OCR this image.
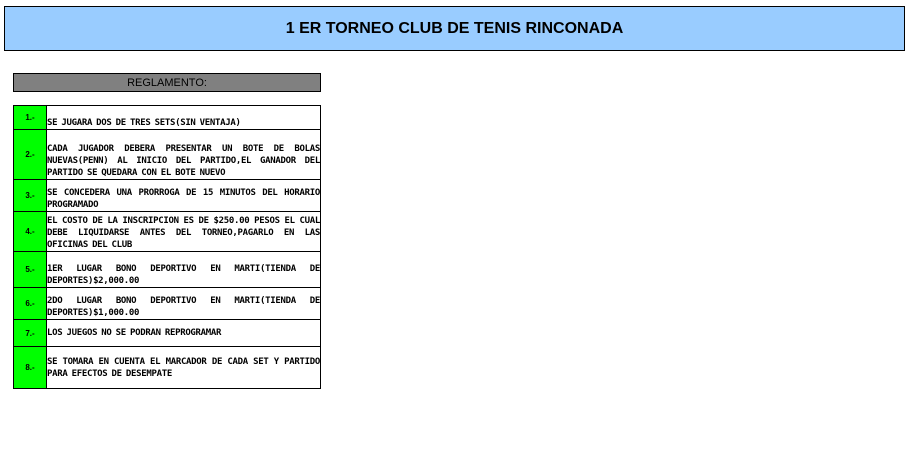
1 ER TORNEO CLUB DE TENIS RINCONADA
REGLAMENTO:
1.-	SE JUGARA DOS DE TRES SETS(SIN VENTAJA)
2.-	CADA JUGADOR DEBERA PRESENTAR UN BOTE DE BOLAS NUEVAS(PENN) AL INICIO DEL PARTIDO,EL GANADOR DEL PARTIDO SE QUEDARA CON EL BOTE NUEVO
3.-	SE CONCEDERA UNA PRORROGA DE 15 MINUTOS DEL HORARIO PROGRAMADO
4.-	EL COSTO DE LA INSCRIPCION ES DE $250.00 PESOS EL CUAL DEBE LIQUIDARSE ANTES DEL TORNEO,PAGARLO EN LAS OFICINAS DEL CLUB
5.-	1ER LUGAR BONO DEPORTIVO EN MARTI(TIENDA DE DEPORTES)$2,000.00
6.-	2DO LUGAR BONO DEPORTIVO EN MARTI(TIENDA DE DEPORTES)$1,000.00
7.-	LOS JUEGOS NO SE PODRAN REPROGRAMAR
8.-	SE TOMARA EN CUENTA EL MARCADOR DE CADA SET Y PARTIDO PARA EFECTOS DE DESEMPATE
